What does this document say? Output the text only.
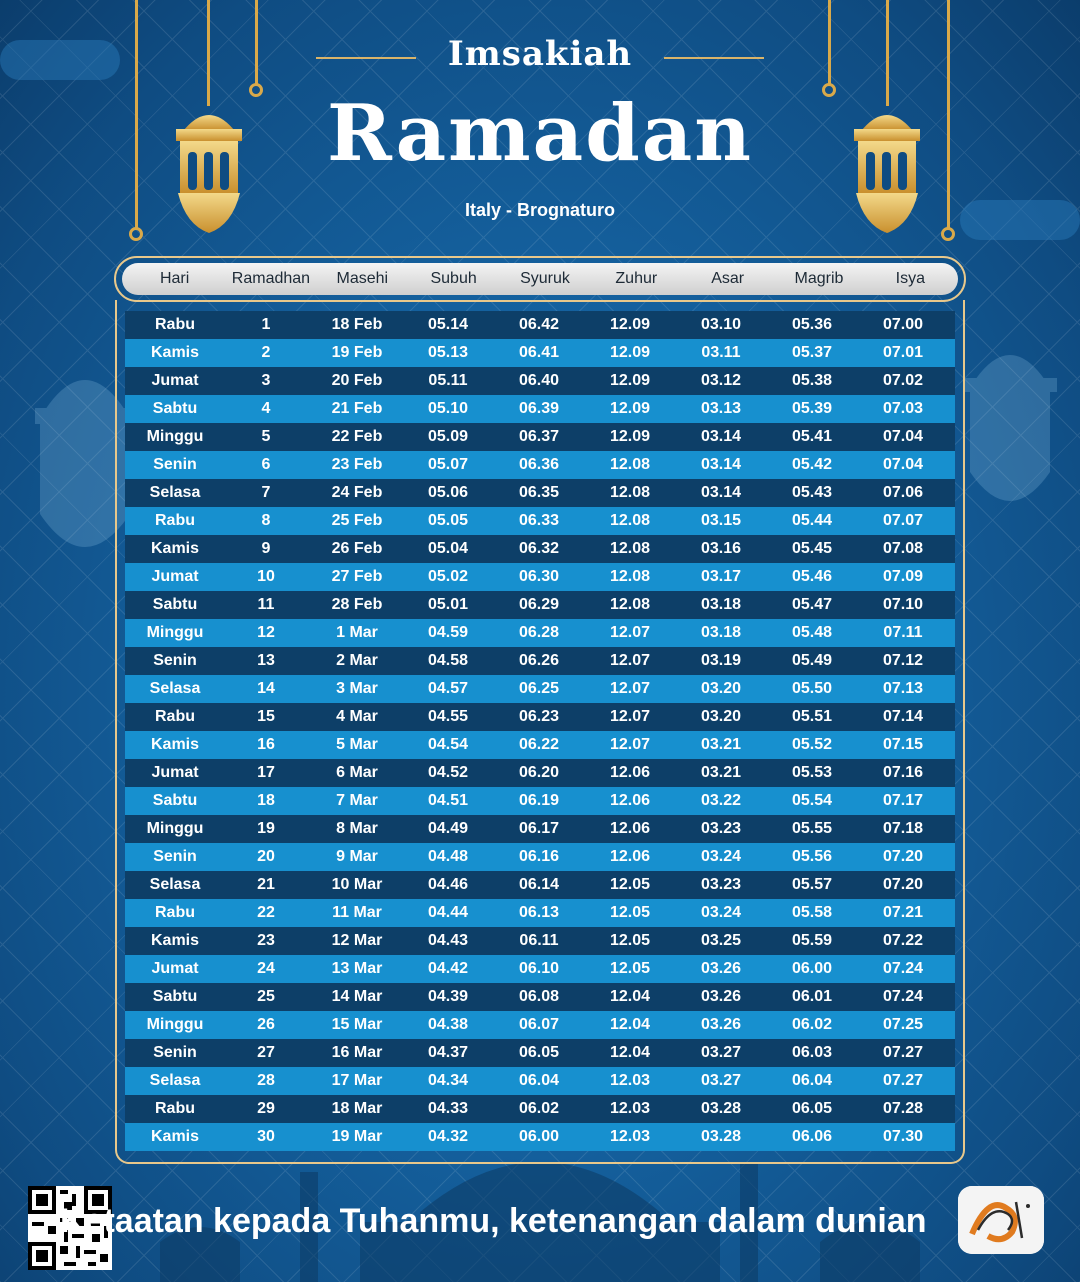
Imsakiah
Ramadan
Italy - Brognaturo
Hari	Ramadhan	Masehi	Subuh	Syuruk	Zuhur	Asar	Magrib	Isya
Rabu	1	18 Feb	05.14	06.42	12.09	03.10	05.36	07.00
Kamis	2	19 Feb	05.13	06.41	12.09	03.11	05.37	07.01
Jumat	3	20 Feb	05.11	06.40	12.09	03.12	05.38	07.02
Sabtu	4	21 Feb	05.10	06.39	12.09	03.13	05.39	07.03
Minggu	5	22 Feb	05.09	06.37	12.09	03.14	05.41	07.04
Senin	6	23 Feb	05.07	06.36	12.08	03.14	05.42	07.04
Selasa	7	24 Feb	05.06	06.35	12.08	03.14	05.43	07.06
Rabu	8	25 Feb	05.05	06.33	12.08	03.15	05.44	07.07
Kamis	9	26 Feb	05.04	06.32	12.08	03.16	05.45	07.08
Jumat	10	27 Feb	05.02	06.30	12.08	03.17	05.46	07.09
Sabtu	11	28 Feb	05.01	06.29	12.08	03.18	05.47	07.10
Minggu	12	1 Mar	04.59	06.28	12.07	03.18	05.48	07.11
Senin	13	2 Mar	04.58	06.26	12.07	03.19	05.49	07.12
Selasa	14	3 Mar	04.57	06.25	12.07	03.20	05.50	07.13
Rabu	15	4 Mar	04.55	06.23	12.07	03.20	05.51	07.14
Kamis	16	5 Mar	04.54	06.22	12.07	03.21	05.52	07.15
Jumat	17	6 Mar	04.52	06.20	12.06	03.21	05.53	07.16
Sabtu	18	7 Mar	04.51	06.19	12.06	03.22	05.54	07.17
Minggu	19	8 Mar	04.49	06.17	12.06	03.23	05.55	07.18
Senin	20	9 Mar	04.48	06.16	12.06	03.24	05.56	07.20
Selasa	21	10 Mar	04.46	06.14	12.05	03.23	05.57	07.20
Rabu	22	11 Mar	04.44	06.13	12.05	03.24	05.58	07.21
Kamis	23	12 Mar	04.43	06.11	12.05	03.25	05.59	07.22
Jumat	24	13 Mar	04.42	06.10	12.05	03.26	06.00	07.24
Sabtu	25	14 Mar	04.39	06.08	12.04	03.26	06.01	07.24
Minggu	26	15 Mar	04.38	06.07	12.04	03.26	06.02	07.25
Senin	27	16 Mar	04.37	06.05	12.04	03.27	06.03	07.27
Selasa	28	17 Mar	04.34	06.04	12.03	03.27	06.04	07.27
Rabu	29	18 Mar	04.33	06.02	12.03	03.28	06.05	07.28
Kamis	30	19 Mar	04.32	06.00	12.03	03.28	06.06	07.30
Ketaatan kepada Tuhanmu, ketenangan dalam dunian
